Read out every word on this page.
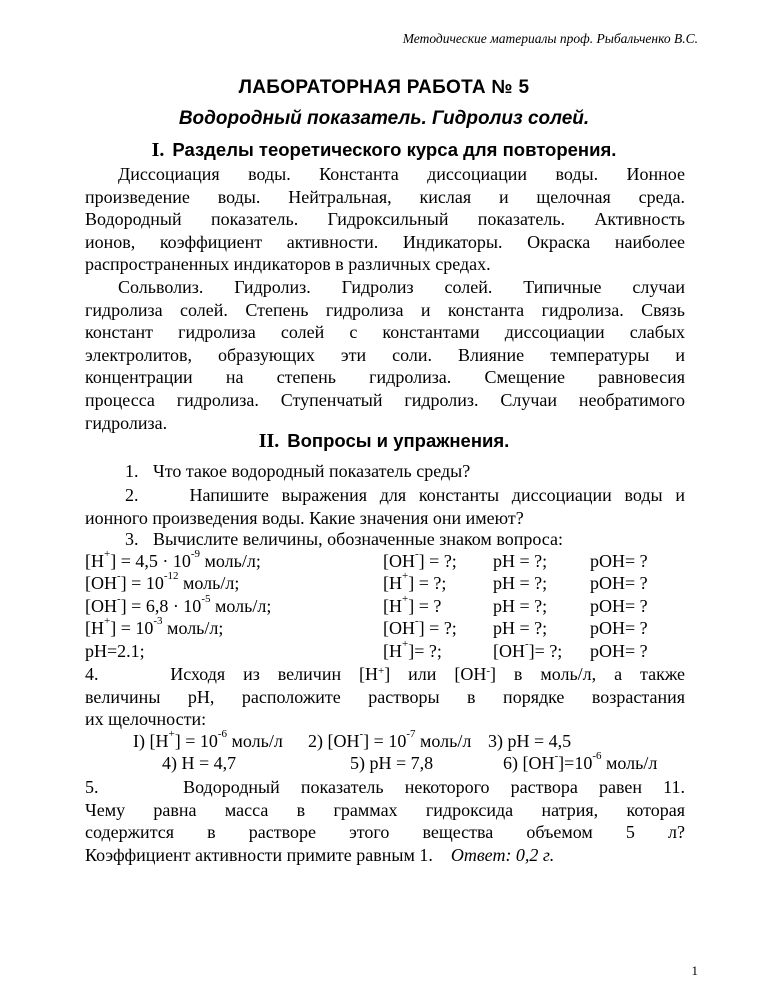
Методические материалы проф. Рыбальченко В.С.
ЛАБОРАТОРНАЯ РАБОТА № 5
Водородный показатель. Гидролиз солей.
I. Разделы теоретического курса для повторения.
Диссоциация воды. Константа диссоциации воды. Ионное
произведение воды. Нейтральная, кислая и щелочная среда.
Водородный показатель. Гидроксильный показатель. Активность
ионов, коэффициент активности. Индикаторы. Окраска наиболее
распространенных индикаторов в различных средах.
Сольволиз. Гидролиз. Гидролиз солей. Типичные случаи
гидролиза солей. Степень гидролиза и константа гидролиза. Связь
констант гидролиза солей с константами диссоциации слабых
электролитов, образующих эти соли. Влияние температуры и
концентрации на степень гидролиза. Смещение равновесия
процесса гидролиза. Ступенчатый гидролиз. Случаи необратимого
гидролиза.
II. Вопросы и упражнения.
1. Что такое водородный показатель среды?
2.	Напишите выражения для константы диссоциации воды и
ионного произведения воды. Какие значения они имеют?
3. Вычислите величины, обозначенные знаком вопроса:
$[H^+] = 4,5 \cdot 10^{-9}$ моль/л;	[OH-] = ?; pH = ?; pOH= ?
$[OH^-] = 10^{-12}$ моль/л;	[H+] = ?;	pH = ?; pOH= ?
$[OH^-] = 6,8 \cdot 10^{-5}$ моль/л;	[H+] = ?	pH = ?; pOH= ?
$[H^+] = 10^{-3}$ моль/л;	[OH-] = ?; pH = ?; pOH= ?
pH=2.1;	[H+]= ?;	[OH-]= ?; pOH= ?
4.	Исходя из величин [H+] или [OH-] в моль/л, а также
величины pH, расположите растворы в порядке возрастания
их щелочности:
I) $[H^+] = 10^{-6}$ моль/л 2) $[OH^-] = 10^{-7}$ моль/л 3) pH = 4,5
4) H = 4,7	5) pH = 7,8	6) $[OH^-]=10^{-6}$ моль/л
5.	Водородный показатель некоторого раствора равен 11.
Чему равна масса в граммах гидроксида натрия, которая
содержится в растворе этого вещества объемом 5 л?
Коэффициент активности примите равным 1. Ответ: 0,2 г.
1
